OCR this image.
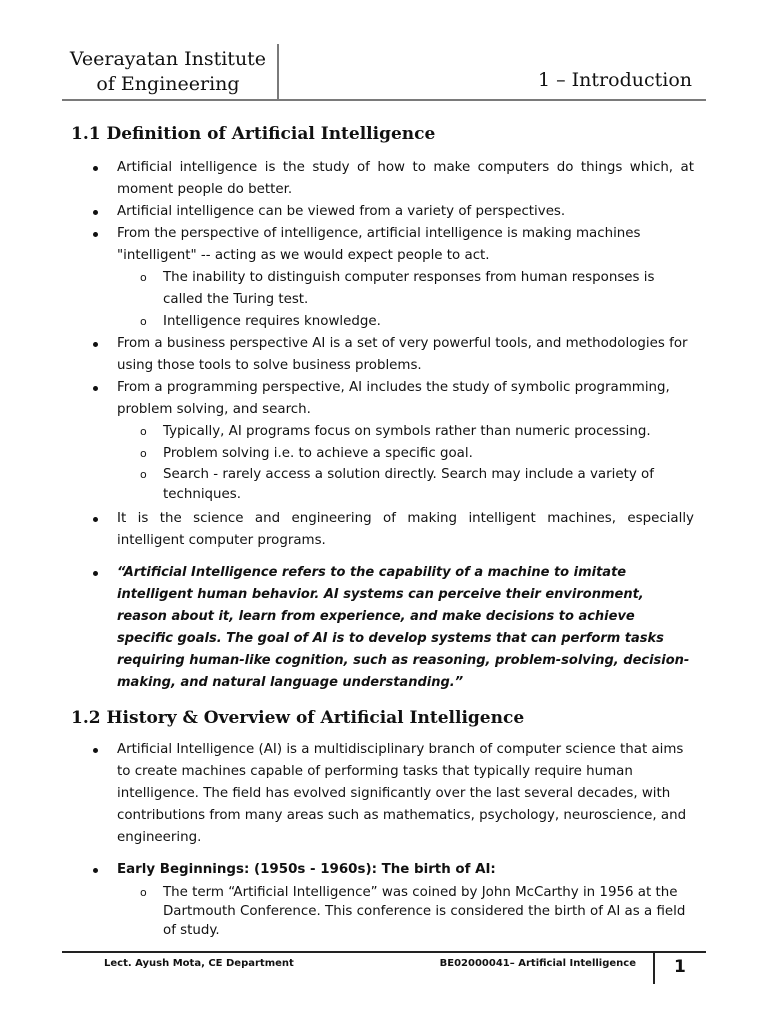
Veerayatan Institute
of Engineering	1 – Introduction
1.1 Definition of Artificial Intelligence
Artificial intelligence is the study of how to make computers do things which, at moment people do better.
Artificial intelligence can be viewed from a variety of perspectives.
From the perspective of intelligence, artificial intelligence is making machines "intelligent" -- acting as we would expect people to act.
o The inability to distinguish computer responses from human responses is called the Turing test.
o Intelligence requires knowledge.
From a business perspective AI is a set of very powerful tools, and methodologies for using those tools to solve business problems.
From a programming perspective, AI includes the study of symbolic programming, problem solving, and search.
o Typically, AI programs focus on symbols rather than numeric processing.
o Problem solving i.e. to achieve a specific goal.
o Search - rarely access a solution directly. Search may include a variety of techniques.
It is the science and engineering of making intelligent machines, especially intelligent computer programs.
“Artificial Intelligence refers to the capability of a machine to imitate intelligent human behavior. AI systems can perceive their environment, reason about it, learn from experience, and make decisions to achieve specific goals. The goal of AI is to develop systems that can perform tasks requiring human-like cognition, such as reasoning, problem-solving, decision-making, and natural language understanding.”
1.2 History & Overview of Artificial Intelligence
Artificial Intelligence (AI) is a multidisciplinary branch of computer science that aims to create machines capable of performing tasks that typically require human intelligence. The field has evolved significantly over the last several decades, with contributions from many areas such as mathematics, psychology, neuroscience, and engineering.
Early Beginnings: (1950s - 1960s): The birth of AI:
o The term “Artificial Intelligence” was coined by John McCarthy in 1956 at the Dartmouth Conference. This conference is considered the birth of AI as a field of study.
Lect. Ayush Mota, CE Department	BE02000041– Artificial Intelligence 1
